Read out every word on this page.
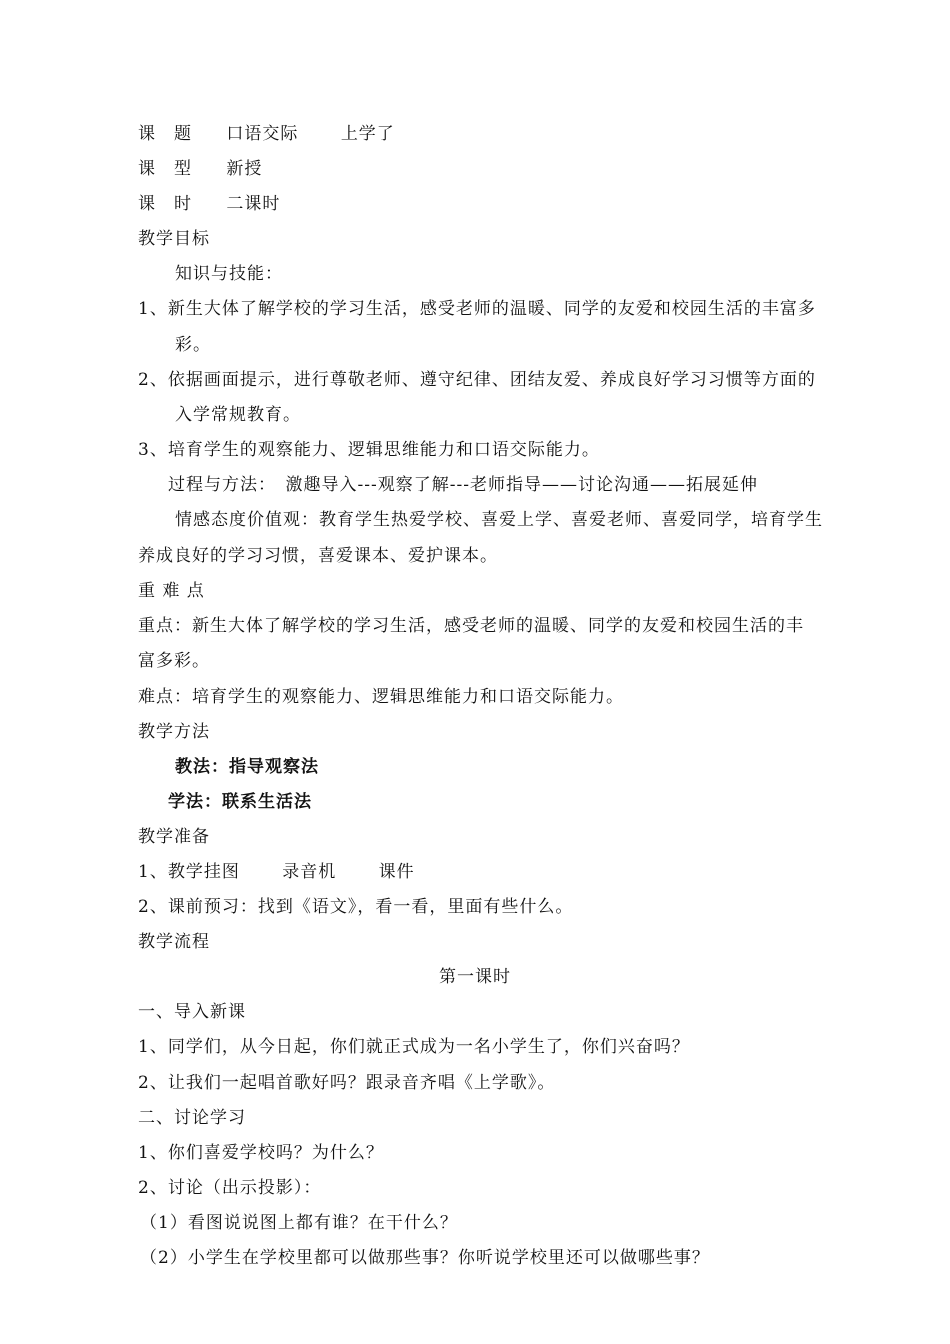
课　题 口语交际 上学了
课　型 新授
课　时 二课时
教学目标
知识与技能：
1、新生大体了解学校的学习生活，感受老师的温暖、同学的友爱和校园生活的丰富多
彩。
2、依据画面提示，进行尊敬老师、遵守纪律、团结友爱、养成良好学习习惯等方面的
入学常规教育。
3、培育学生的观察能力、逻辑思维能力和口语交际能力。
过程与方法：　激趣导入---观察了解---老师指导——讨论沟通——拓展延伸
情感态度价值观：教育学生热爱学校、喜爱上学、喜爱老师、喜爱同学，培育学生
养成良好的学习习惯，喜爱课本、爱护课本。
重 难 点
重点：新生大体了解学校的学习生活，感受老师的温暖、同学的友爱和校园生活的丰
富多彩。
难点：培育学生的观察能力、逻辑思维能力和口语交际能力。
教学方法
教法：指导观察法
学法：联系生活法
教学准备
1、教学挂图 录音机 课件
2、课前预习：找到《语文》，看一看，里面有些什么。
教学流程
第一课时
一、导入新课
1、同学们，从今日起，你们就正式成为一名小学生了，你们兴奋吗？
2、让我们一起唱首歌好吗？跟录音齐唱《上学歌》。
二、讨论学习
1、你们喜爱学校吗？为什么？
2、讨论（出示投影）：
（1）看图说说图上都有谁？在干什么？
（2）小学生在学校里都可以做那些事？你听说学校里还可以做哪些事？
